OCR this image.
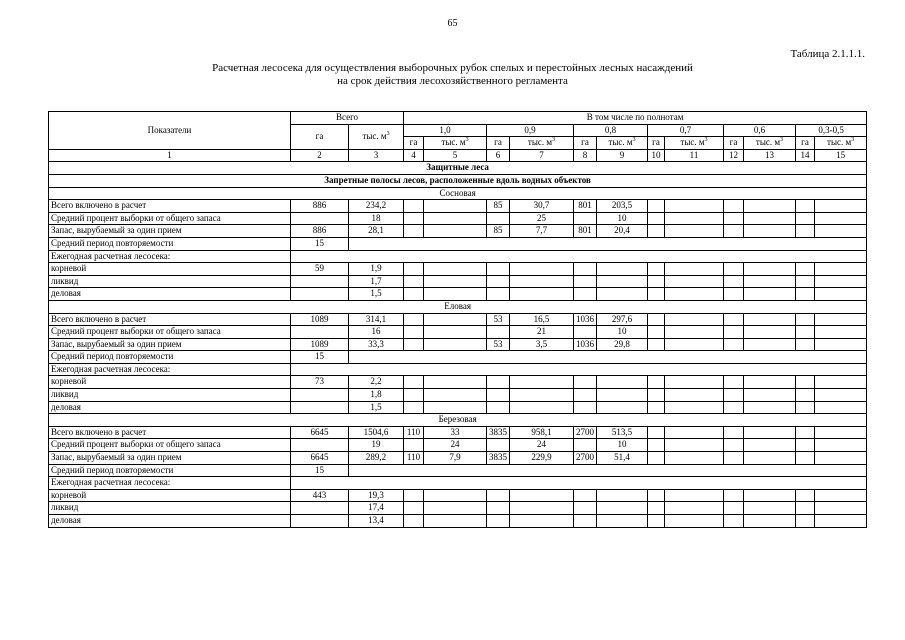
65
Таблица 2.1.1.1.
Расчетная лесосека для осуществления выборочных рубок спелых и перестойных лесных насаждений
на срок действия лесохозяйственного регламента
Показатели	Всего		В том числе по полнотам											
	га	тыс. $м^3$	1,0		0,9		0,8		0,7		0,6		0,3-0,5	
			га	тыс. $м^3$	га	тыс. $м^3$	га	тыс. $м^3$	га	тыс. $м^3$	га	тыс. $м^3$	га	тыс. $м^3$
1	2	3	4	5	6	7	8	9	10	11	12	13	14	15
Защитные леса														
Запретные полосы лесов, расположенные вдоль водных объектов														
Сосновая														
Всего включено в расчет	886	234,2			85	30,7	801	203,5						
Средний процент выборки от общего запаса		18				25		10						
Запас, вырубаемый за один прием	886	28,1			85	7,7	801	20,4						
Средний период повторяемости	15													
Ежегодная расчетная лесосека:														
корневой	59	1,9												
ликвид		1,7												
деловая		1,5												
Еловая														
Всего включено в расчет	1089	314,1			53	16,5	1036	297,6						
Средний процент выборки от общего запаса		16				21		10						
Запас, вырубаемый за один прием	1089	33,3			53	3,5	1036	29,8						
Средний период повторяемости	15													
Ежегодная расчетная лесосека:														
корневой	73	2,2												
ликвид		1,8												
деловая		1,5												
Березовая														
Всего включено в расчет	6645	1504,6	110	33	3835	958,1	2700	513,5						
Средний процент выборки от общего запаса		19		24		24		10						
Запас, вырубаемый за один прием	6645	289,2	110	7,9	3835	229,9	2700	51,4						
Средний период повторяемости	15													
Ежегодная расчетная лесосека:														
корневой	443	19,3												
ликвид		17,4												
деловая		13,4												
